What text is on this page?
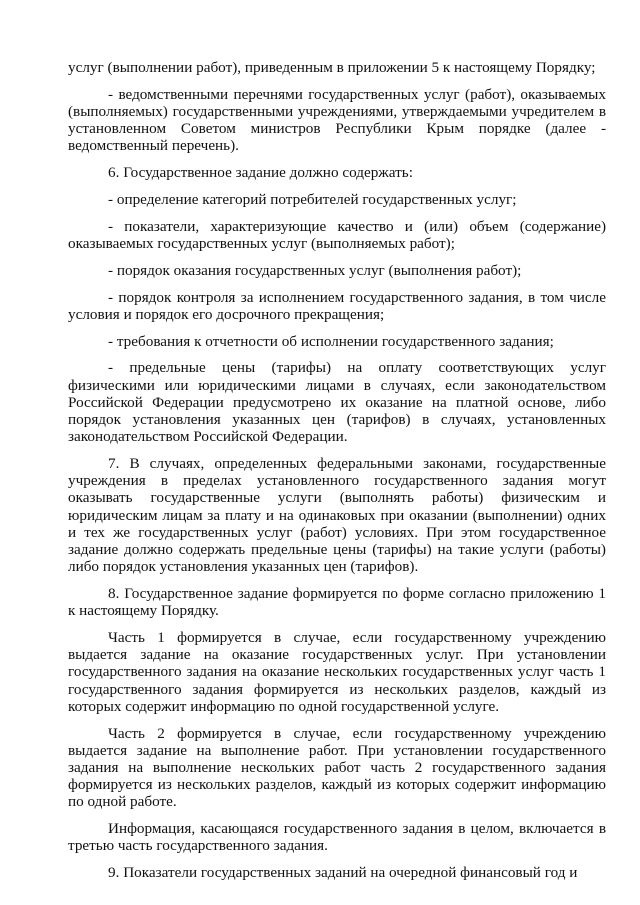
услуг (выполнении работ), приведенным в приложении 5 к настоящему Порядку;

- ведомственными перечнями государственных услуг (работ), оказываемых (выполняемых) государственными учреждениями, утверждаемыми учредителем в установленном Советом министров Республики Крым порядке (далее - ведомственный перечень).

6. Государственное задание должно содержать:

- определение категорий потребителей государственных услуг;

- показатели, характеризующие качество и (или) объем (содержание) оказываемых государственных услуг (выполняемых работ);

- порядок оказания государственных услуг (выполнения работ);

- порядок контроля за исполнением государственного задания, в том числе условия и порядок его досрочного прекращения;

- требования к отчетности об исполнении государственного задания;

- предельные цены (тарифы) на оплату соответствующих услуг физическими или юридическими лицами в случаях, если законодательством Российской Федерации предусмотрено их оказание на платной основе, либо порядок установления указанных цен (тарифов) в случаях, установленных законодательством Российской Федерации.

7. В случаях, определенных федеральными законами, государственные учреждения в пределах установленного государственного задания могут оказывать государственные услуги (выполнять работы) физическим и юридическим лицам за плату и на одинаковых при оказании (выполнении) одних и тех же государственных услуг (работ) условиях. При этом государственное задание должно содержать предельные цены (тарифы) на такие услуги (работы) либо порядок установления указанных цен (тарифов).

8. Государственное задание формируется по форме согласно приложению 1 к настоящему Порядку.

Часть 1 формируется в случае, если государственному учреждению выдается задание на оказание государственных услуг. При установлении государственного задания на оказание нескольких государственных услуг часть 1 государственного задания формируется из нескольких разделов, каждый из которых содержит информацию по одной государственной услуге.

Часть 2 формируется в случае, если государственному учреждению выдается задание на выполнение работ. При установлении государственного задания на выполнение нескольких работ часть 2 государственного задания формируется из нескольких разделов, каждый из которых содержит информацию по одной работе.

Информация, касающаяся государственного задания в целом, включается в третью часть государственного задания.

9. Показатели государственных заданий на очередной финансовый год и
